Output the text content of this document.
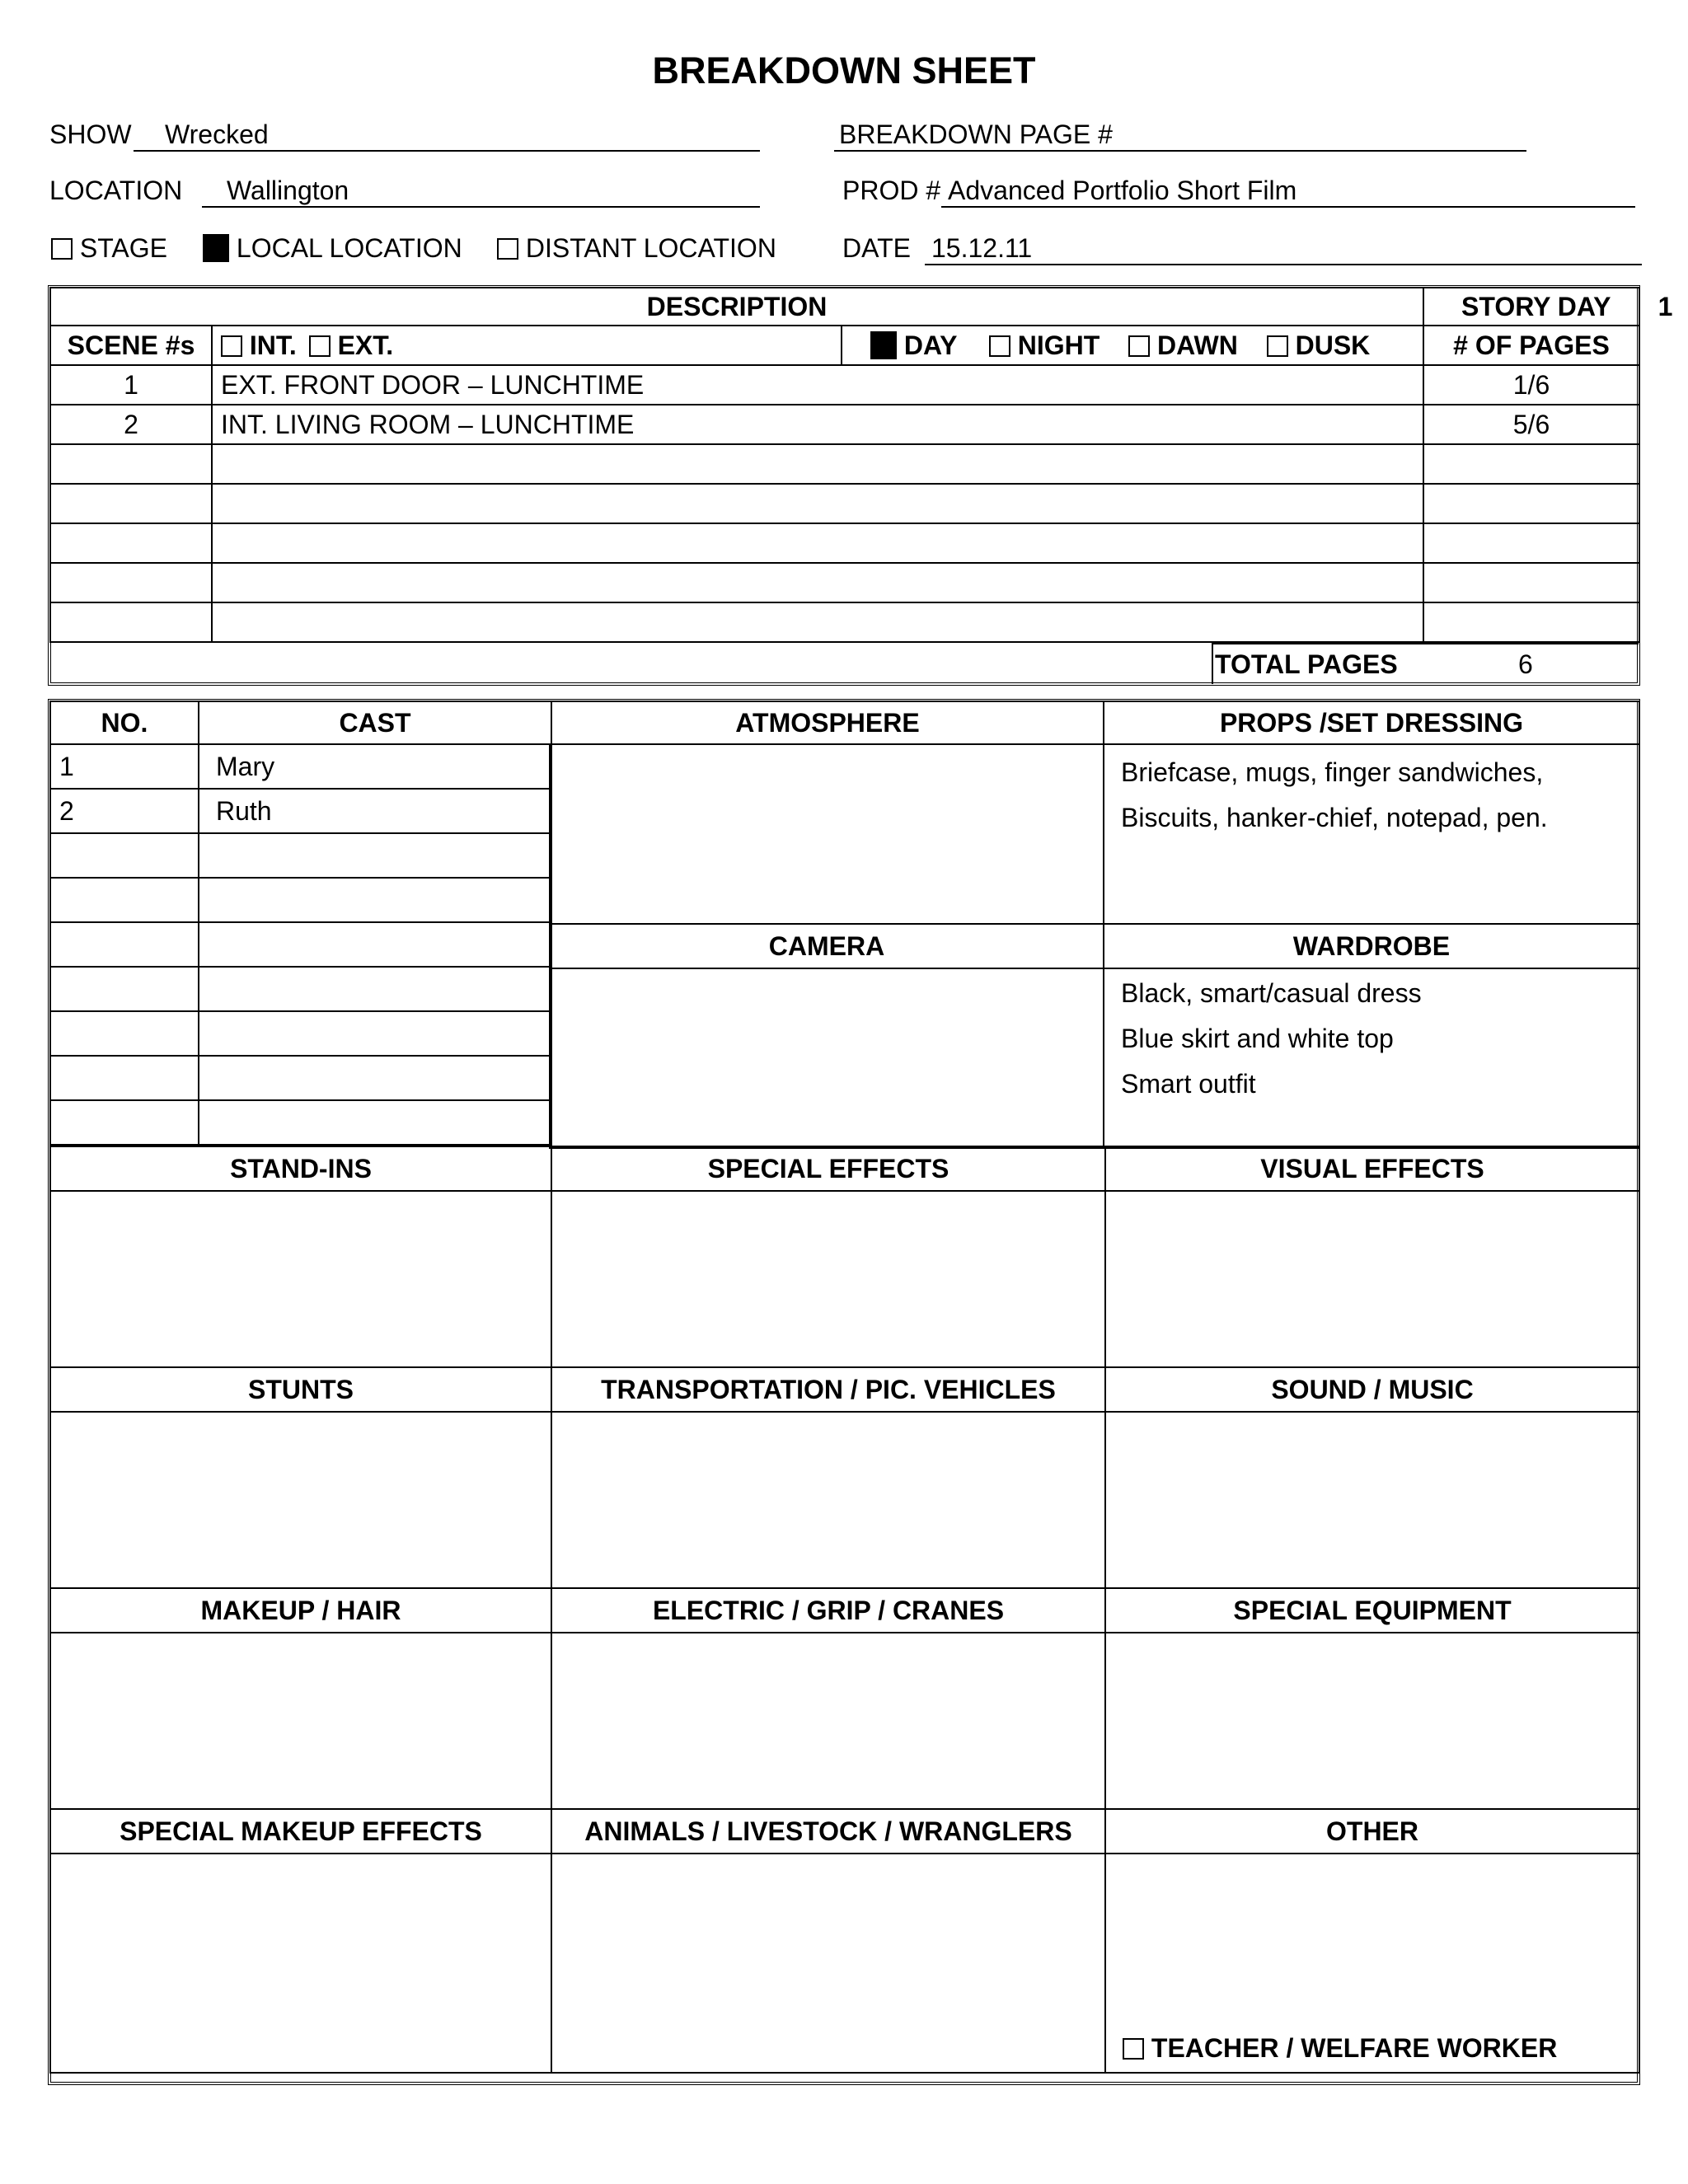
BREAKDOWN SHEET
SHOW Wrecked	BREAKDOWN PAGE #
LOCATION Wallington	PROD # Advanced Portfolio Short Film
STAGE	LOCAL LOCATION	DISTANT LOCATION	DATE 15.12.11
DESCRIPTION	STORY DAY 1
SCENE #s	INT. EXT.	DAY NIGHT DAWN DUSK	# OF PAGES
1	EXT. FRONT DOOR – LUNCHTIME		1/6
2	INT. LIVING ROOM – LUNCHTIME		5/6

TOTAL PAGES	6
NO.	CAST	ATMOSPHERE	PROPS /SET DRESSING
1	Mary
2	Ruth

	Briefcase, mugs, finger sandwiches,
Biscuits, hanker-chief, notepad, pen.

CAMERA	WARDROBE

	Black, smart/casual dress
Blue skirt and white top
Smart outfit
STAND-INS	SPECIAL EFFECTS	VISUAL EFFECTS

STUNTS	TRANSPORTATION / PIC. VEHICLES	SOUND / MUSIC

MAKEUP / HAIR	ELECTRIC / GRIP / CRANES	SPECIAL EQUIPMENT

SPECIAL MAKEUP EFFECTS	ANIMALS / LIVESTOCK / WRANGLERS	OTHER
		TEACHER / WELFARE WORKER
